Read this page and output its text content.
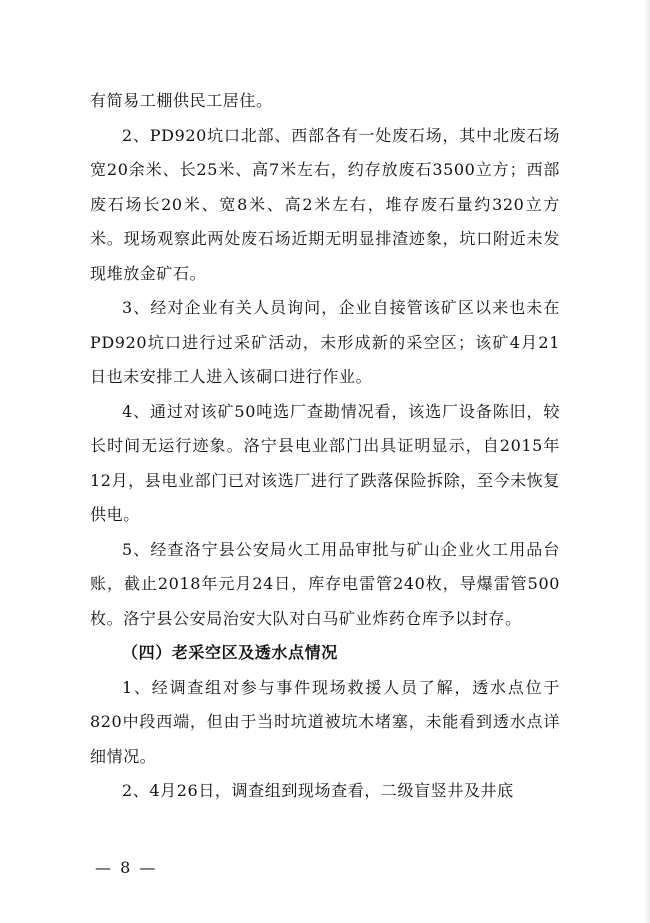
有简易工棚供民工居住。

2、PD920坑口北部、西部各有一处废石场，其中北废石场宽20余米、长25米、高7米左右，约存放废石3500立方；西部废石场长20米、宽8米、高2米左右，堆存废石量约320立方米。现场观察此两处废石场近期无明显排渣迹象，坑口附近未发现堆放金矿石。

3、经对企业有关人员询问，企业自接管该矿区以来也未在PD920坑口进行过采矿活动，未形成新的采空区；该矿4月21日也未安排工人进入该硐口进行作业。

4、通过对该矿50吨选厂查勘情况看，该选厂设备陈旧，较长时间无运行迹象。洛宁县电业部门出具证明显示，自2015年12月，县电业部门已对该选厂进行了跌落保险拆除，至今未恢复供电。

5、经查洛宁县公安局火工用品审批与矿山企业火工用品台账，截止2018年元月24日，库存电雷管240枚，导爆雷管500枚。洛宁县公安局治安大队对白马矿业炸药仓库予以封存。

（四）老采空区及透水点情况

1、经调查组对参与事件现场救援人员了解，透水点位于820中段西端，但由于当时坑道被坑木堵塞，未能看到透水点详细情况。

2、4月26日，调查组到现场查看，二级盲竖井及井底

— 8 —
